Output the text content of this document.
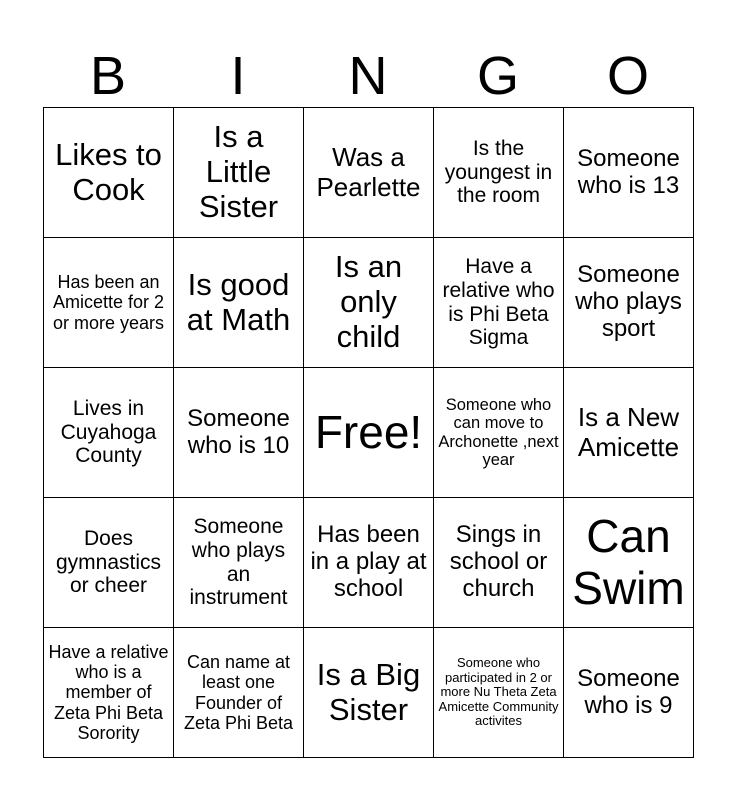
B	I	N	G	O
Likes to Cook	Is a Little Sister	Was a Pearlette	Is the youngest in the room	Someone who is 13
Has been an Amicette for 2 or more years	Is good at Math	Is an only child	Have a relative who is Phi Beta Sigma	Someone who plays sport
Lives in Cuyahoga County	Someone who is 10	Free!	Someone who can move to Archonette ,next year	Is a New Amicette
Does gymnastics or cheer	Someone who plays an instrument	Has been in a play at school	Sings in school or church	Can Swim
Have a relative who is a member of Zeta Phi Beta Sorority	Can name at least one Founder of Zeta Phi Beta	Is a Big Sister	Someone who participated in 2 or more Nu Theta Zeta Amicette Community activites	Someone who is 9
